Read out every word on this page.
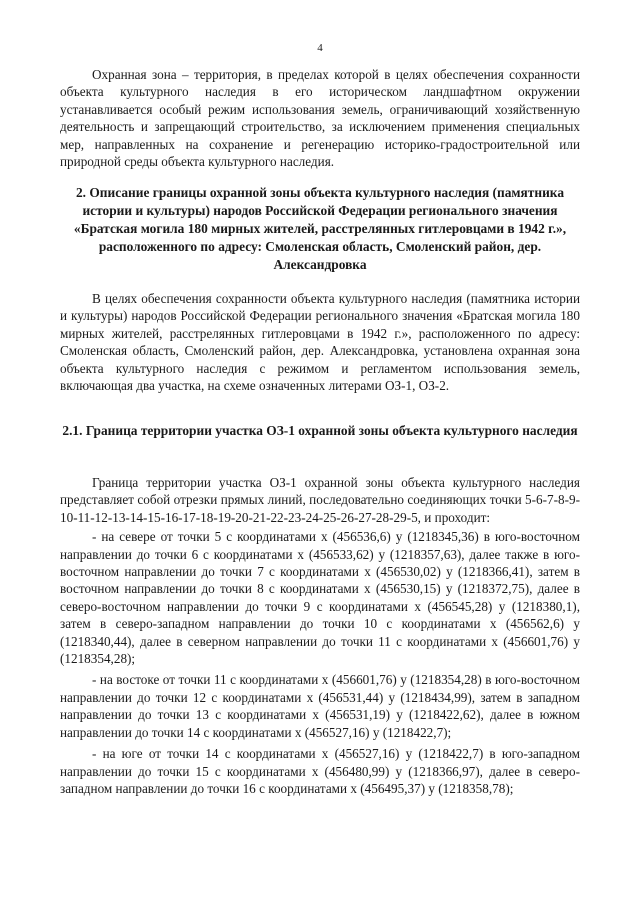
4

Охранная зона – территория, в пределах которой в целях обеспечения сохранности объекта культурного наследия в его историческом ландшафтном окружении устанавливается особый режим использования земель, ограничивающий хозяйственную деятельность и запрещающий строительство, за исключением применения специальных мер, направленных на сохранение и регенерацию историко-градостроительной или природной среды объекта культурного наследия.

2. Описание границы охранной зоны объекта культурного наследия (памятника истории и культуры) народов Российской Федерации регионального значения «Братская могила 180 мирных жителей, расстрелянных гитлеровцами в 1942 г.», расположенного по адресу: Смоленская область, Смоленский район, дер. Александровка

В целях обеспечения сохранности объекта культурного наследия (памятника истории и культуры) народов Российской Федерации регионального значения «Братская могила 180 мирных жителей, расстрелянных гитлеровцами в 1942 г.», расположенного по адресу: Смоленская область, Смоленский район, дер. Александровка, установлена охранная зона объекта культурного наследия с режимом и регламентом использования земель, включающая два участка, на схеме означенных литерами ОЗ-1, ОЗ-2.

2.1. Граница территории участка ОЗ-1 охранной зоны объекта культурного наследия

Граница территории участка ОЗ-1 охранной зоны объекта культурного наследия представляет собой отрезки прямых линий, последовательно соединяющих точки 5-6-7-8-9-10-11-12-13-14-15-16-17-18-19-20-21-22-23-24-25-26-27-28-29-5, и проходит:

- на севере от точки 5 с координатами х (456536,6) у (1218345,36) в юго-восточном направлении до точки 6 с координатами х (456533,62) у (1218357,63), далее также в юго-восточном направлении до точки 7 с координатами х (456530,02) у (1218366,41), затем в восточном направлении до точки 8 с координатами х (456530,15) у (1218372,75), далее в северо-восточном направлении до точки 9 с координатами х (456545,28) у (1218380,1), затем в северо-западном направлении до точки 10 с координатами х (456562,6) у (1218340,44), далее в северном направлении до точки 11 с координатами х (456601,76) у (1218354,28);

- на востоке от точки 11 с координатами х (456601,76) у (1218354,28) в юго-восточном направлении до точки 12 с координатами х (456531,44) у (1218434,99), затем в западном направлении до точки 13 с координатами х (456531,19) у (1218422,62), далее в южном направлении до точки 14 с координатами х (456527,16) у (1218422,7);

- на юге от точки 14 с координатами х (456527,16) у (1218422,7) в юго-западном направлении до точки 15 с координатами х (456480,99) у (1218366,97), далее в северо-западном направлении до точки 16 с координатами х (456495,37) у (1218358,78);
